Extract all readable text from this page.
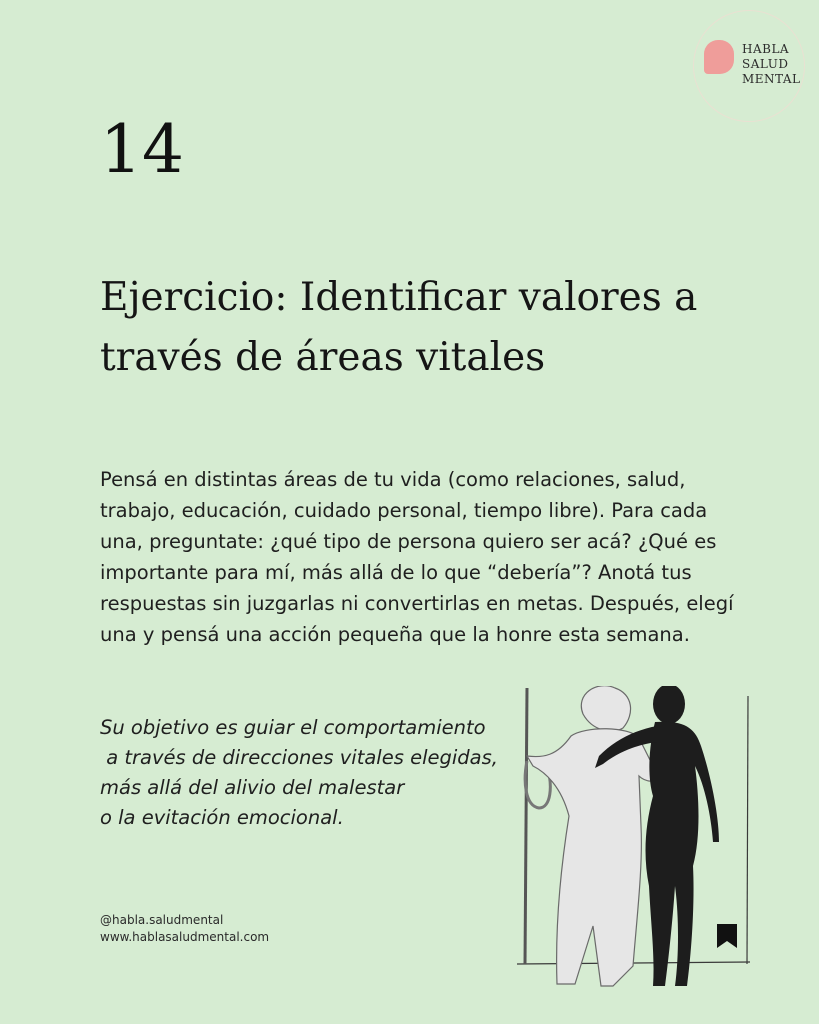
HABLA
SALUD
MENTAL
14
Ejercicio: Identificar valores a través de áreas vitales
Pensá en distintas áreas de tu vida (como relaciones, salud, trabajo, educación, cuidado personal, tiempo libre). Para cada una, preguntate: ¿qué tipo de persona quiero ser acá? ¿Qué es importante para mí, más allá de lo que “debería”? Anotá tus respuestas sin juzgarlas ni convertirlas en metas. Después, elegí una y pensá una acción pequeña que la honre esta semana.
Su objetivo es guiar el comportamiento
a través de direcciones vitales elegidas,
más allá del alivio del malestar
o la evitación emocional.
@habla.saludmental
www.hablasaludmental.com
